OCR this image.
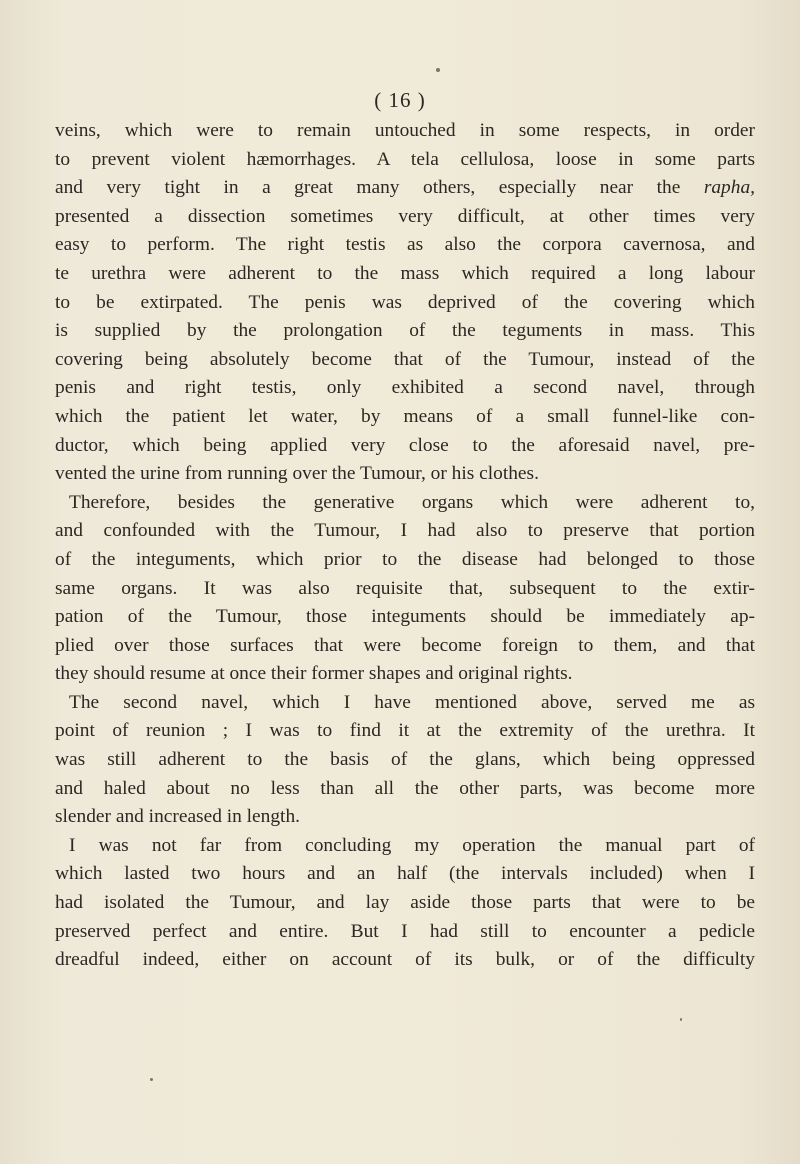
( 16 )
veins, which were to remain untouched in some respects, in order
to prevent violent hæmorrhages. A tela cellulosa, loose in some parts
and very tight in a great many others, especially near the rapha,
presented a dissection sometimes very difficult, at other times very
easy to perform. The right testis as also the corpora cavernosa, and
te urethra were adherent to the mass which required a long labour
to be extirpated. The penis was deprived of the covering which
is supplied by the prolongation of the teguments in mass. This
covering being absolutely become that of the Tumour, instead of the
penis and right testis, only exhibited a second navel, through
which the patient let water, by means of a small funnel-like con-
ductor, which being applied very close to the aforesaid navel, pre-
vented the urine from running over the Tumour, or his clothes.
Therefore, besides the generative organs which were adherent to,
and confounded with the Tumour, I had also to preserve that portion
of the integuments, which prior to the disease had belonged to those
same organs. It was also requisite that, subsequent to the extir-
pation of the Tumour, those integuments should be immediately ap-
plied over those surfaces that were become foreign to them, and that
they should resume at once their former shapes and original rights.
The second navel, which I have mentioned above, served me as
point of reunion ; I was to find it at the extremity of the urethra. It
was still adherent to the basis of the glans, which being oppressed
and haled about no less than all the other parts, was become more
slender and increased in length.
I was not far from concluding my operation the manual part of
which lasted two hours and an half (the intervals included) when I
had isolated the Tumour, and lay aside those parts that were to be
preserved perfect and entire. But I had still to encounter a pedicle
dreadful indeed, either on account of its bulk, or of the difficulty
